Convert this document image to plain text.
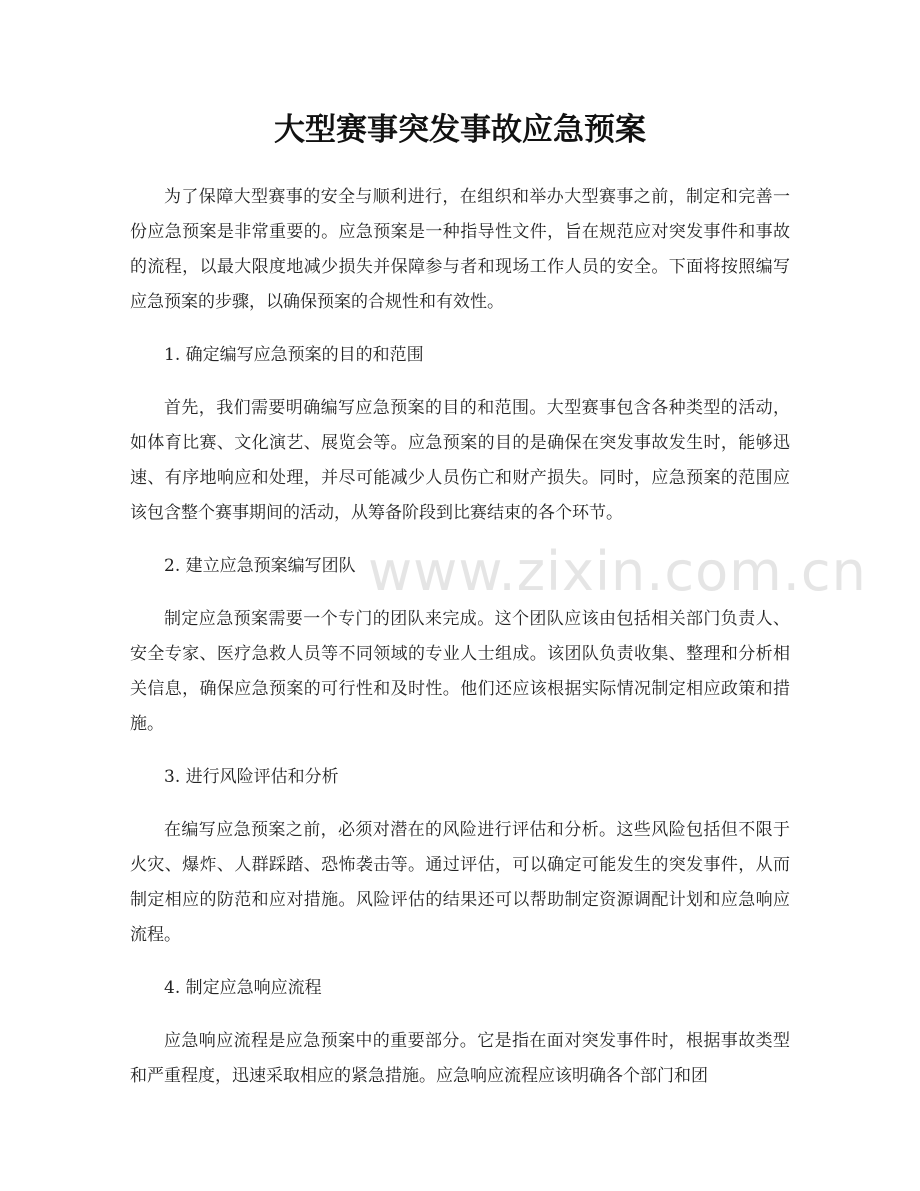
大型赛事突发事故应急预案

为了保障大型赛事的安全与顺利进行，在组织和举办大型赛事之前，制定和完善一份应急预案是非常重要的。应急预案是一种指导性文件，旨在规范应对突发事件和事故的流程，以最大限度地减少损失并保障参与者和现场工作人员的安全。下面将按照编写应急预案的步骤，以确保预案的合规性和有效性。

1. 确定编写应急预案的目的和范围

首先，我们需要明确编写应急预案的目的和范围。大型赛事包含各种类型的活动，如体育比赛、文化演艺、展览会等。应急预案的目的是确保在突发事故发生时，能够迅速、有序地响应和处理，并尽可能减少人员伤亡和财产损失。同时，应急预案的范围应该包含整个赛事期间的活动，从筹备阶段到比赛结束的各个环节。

2. 建立应急预案编写团队

制定应急预案需要一个专门的团队来完成。这个团队应该由包括相关部门负责人、安全专家、医疗急救人员等不同领域的专业人士组成。该团队负责收集、整理和分析相关信息，确保应急预案的可行性和及时性。他们还应该根据实际情况制定相应政策和措施。

3. 进行风险评估和分析

在编写应急预案之前，必须对潜在的风险进行评估和分析。这些风险包括但不限于火灾、爆炸、人群踩踏、恐怖袭击等。通过评估，可以确定可能发生的突发事件，从而制定相应的防范和应对措施。风险评估的结果还可以帮助制定资源调配计划和应急响应流程。

4. 制定应急响应流程

应急响应流程是应急预案中的重要部分。它是指在面对突发事件时，根据事故类型和严重程度，迅速采取相应的紧急措施。应急响应流程应该明确各个部门和团

www.zixin.com.cn
